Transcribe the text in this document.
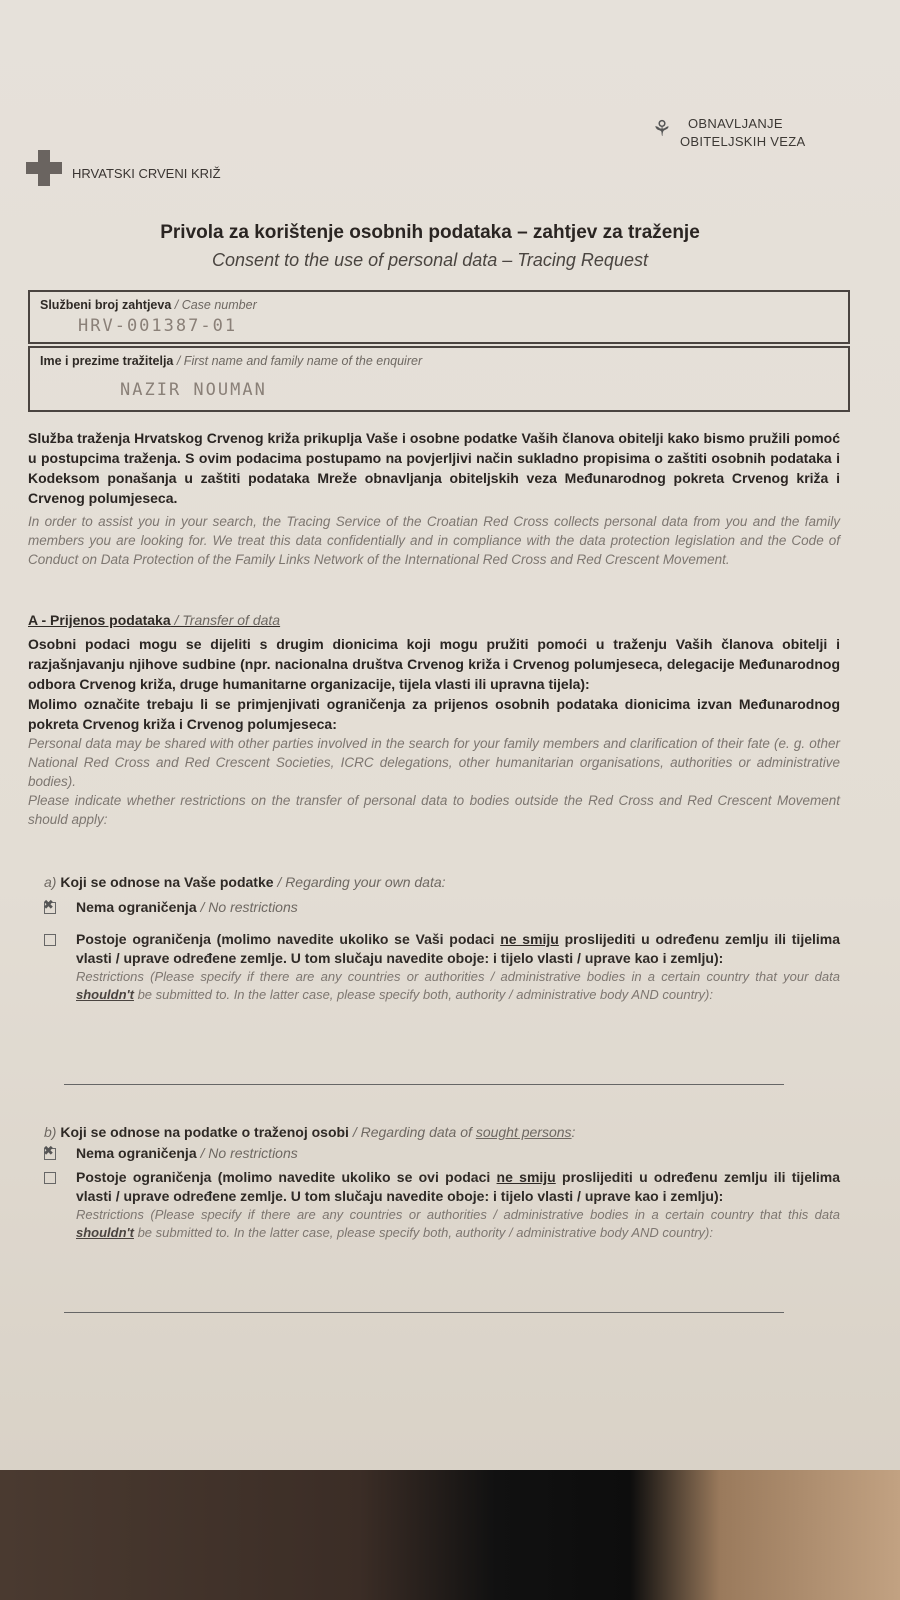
HRVATSKI CRVENI KRIŽ
⚘ OBNAVLJANJE
OBITELJSKIH VEZA
Privola za korištenje osobnih podataka – zahtjev za traženje
Consent to the use of personal data – Tracing Request
Službeni broj zahtjeva / Case number
HRV-001387-01
Ime i prezime tražitelja / First name and family name of the enquirer
NAZIR NOUMAN
Služba traženja Hrvatskog Crvenog križa prikuplja Vaše i osobne podatke Vaših članova obitelji kako bismo pružili pomoć u postupcima traženja. S ovim podacima postupamo na povjerljivi način sukladno propisima o zaštiti osobnih podataka i Kodeksom ponašanja u zaštiti podataka Mreže obnavljanja obiteljskih veza Međunarodnog pokreta Crvenog križa i Crvenog polumjeseca.
In order to assist you in your search, the Tracing Service of the Croatian Red Cross collects personal data from you and the family members you are looking for. We treat this data confidentially and in compliance with the data protection legislation and the Code of Conduct on Data Protection of the Family Links Network of the International Red Cross and Red Crescent Movement.
A - Prijenos podataka / Transfer of data
Osobni podaci mogu se dijeliti s drugim dionicima koji mogu pružiti pomoći u traženju Vaših članova obitelji i razjašnjavanju njihove sudbine (npr. nacionalna društva Crvenog križa i Crvenog polumjeseca, delegacije Međunarodnog odbora Crvenog križa, druge humanitarne organizacije, tijela vlasti ili upravna tijela):
Molimo označite trebaju li se primjenjivati ograničenja za prijenos osobnih podataka dionicima izvan Međunarodnog pokreta Crvenog križa i Crvenog polumjeseca:
Personal data may be shared with other parties involved in the search for your family members and clarification of their fate (e. g. other National Red Cross and Red Crescent Societies, ICRC delegations, other humanitarian organisations, authorities or administrative bodies).
Please indicate whether restrictions on the transfer of personal data to bodies outside the Red Cross and Red Crescent Movement should apply:
a) Koji se odnose na Vaše podatke / Regarding your own data:
✖
Nema ograničenja / No restrictions
Postoje ograničenja (molimo navedite ukoliko se Vaši podaci ne smiju proslijediti u određenu zemlju ili tijelima vlasti / uprave određene zemlje. U tom slučaju navedite oboje: i tijelo vlasti / uprave kao i zemlju):
Restrictions (Please specify if there are any countries or authorities / administrative bodies in a certain country that your data shouldn't be submitted to. In the latter case, please specify both, authority / administrative body AND country):
b) Koji se odnose na podatke o traženoj osobi / Regarding data of sought persons:
✖
Nema ograničenja / No restrictions
Postoje ograničenja (molimo navedite ukoliko se ovi podaci ne smiju proslijediti u određenu zemlju ili tijelima vlasti / uprave određene zemlje. U tom slučaju navedite oboje: i tijelo vlasti / uprave kao i zemlju):
Restrictions (Please specify if there are any countries or authorities / administrative bodies in a certain country that this data shouldn't be submitted to. In the latter case, please specify both, authority / administrative body AND country):
